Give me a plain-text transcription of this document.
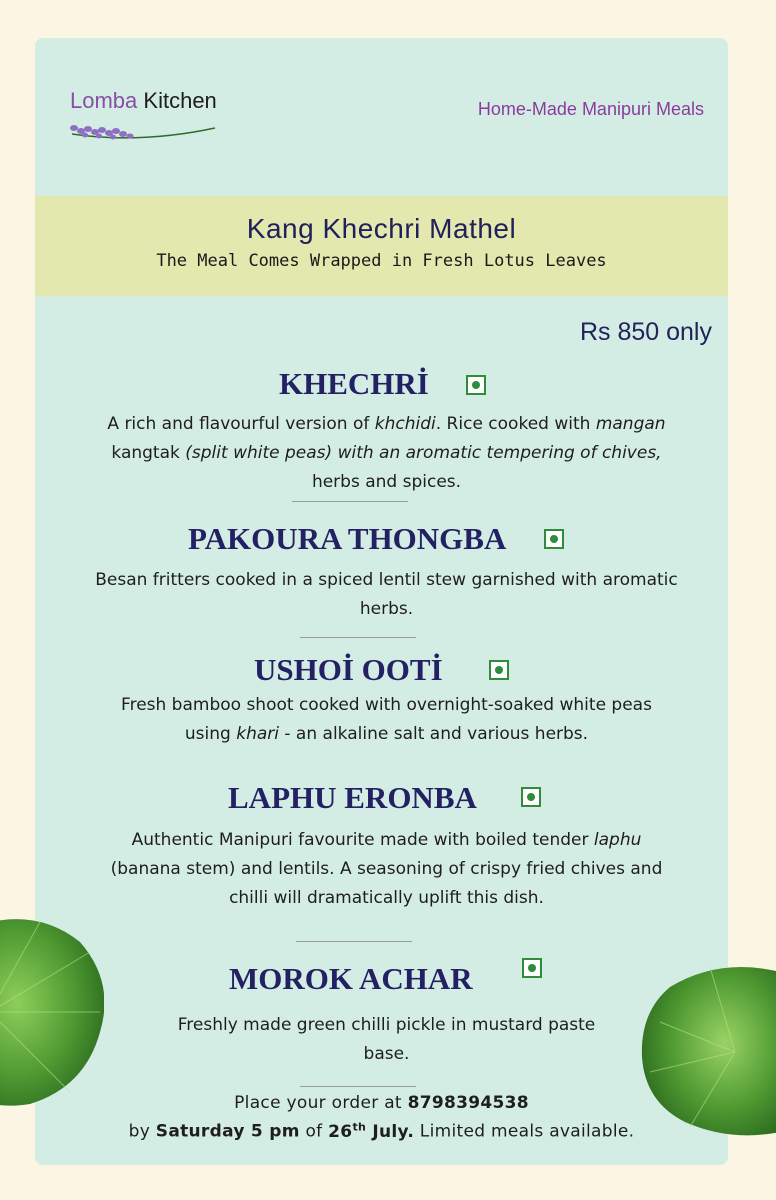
Lomba Kitchen	Home-Made Manipuri Meals
Kang Khechri Mathel
The Meal Comes Wrapped in Fresh Lotus Leaves
Rs 850 only
KHECHRİ
A rich and flavourful version of khchidi. Rice cooked with mangan
kangtak (split white peas) with an aromatic tempering of chives,
herbs and spices.
PAKOURA THONGBA
Besan fritters cooked in a spiced lentil stew garnished with aromatic
herbs.
USHOİ OOTİ
Fresh bamboo shoot cooked with overnight-soaked white peas
using khari - an alkaline salt and various herbs.
LAPHU ERONBA
Authentic Manipuri favourite made with boiled tender laphu
(banana stem) and lentils. A seasoning of crispy fried chives and
chilli will dramatically uplift this dish.
MOROK ACHAR
Freshly made green chilli pickle in mustard paste
base.
Place your order at 8798394538
by Saturday 5 pm of 26th July. Limited meals available.
